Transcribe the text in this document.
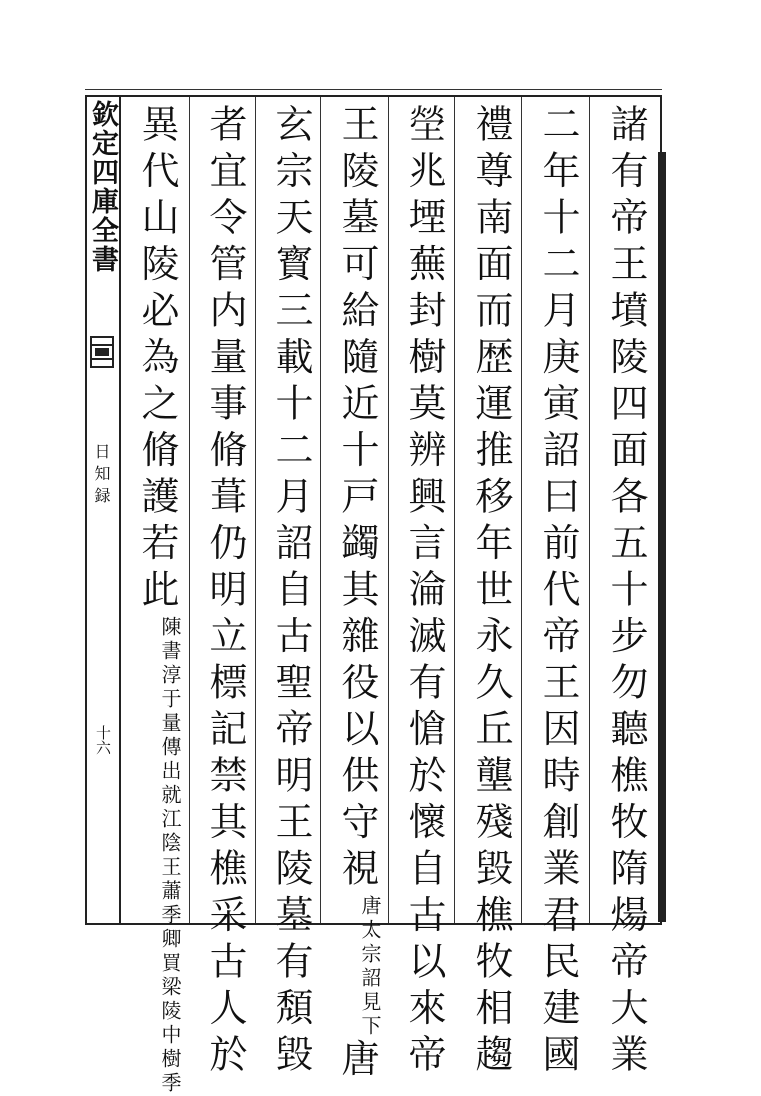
欽定四庫全書
日知録
十六	諸有帝王墳陵四面各五十步勿聽樵牧隋煬帝大業
二年十二月庚寅詔曰前代帝王因時創業君民建國
禮尊南面而歴運推移年世永久丘壟殘毀樵牧相趨
塋兆堙蕪封樹莫辨興言淪滅有愴於懷自古以來帝
王陵墓可給隨近十戸蠲其雜役以供守視唐太宗詔見下唐
玄宗天寳三載十二月詔自古聖帝明王陵墓有頽毀
者宜令管内量事脩葺仍明立標記禁其樵采古人於
異代山陵必為之脩護若此陳書淳于量傳出就江陰王蕭季卿買梁陵中樹季
